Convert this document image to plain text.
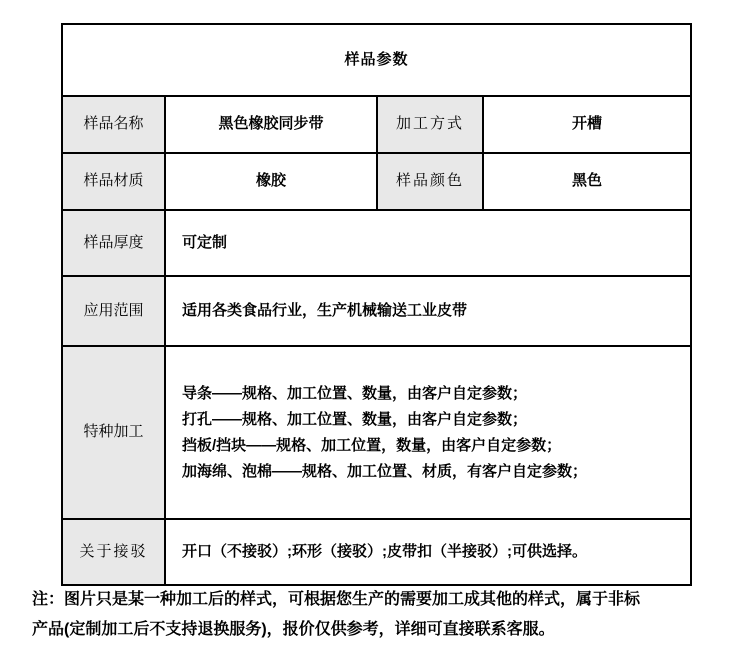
样品参数			
样品名称	黑色橡胶同步带	加工方式	开槽
样品材质	橡胶	样品颜色	黑色
样品厚度	可定制		
应用范围	适用各类食品行业，生产机械输送工业皮带		
特种加工	导条——规格、加工位置、数量，由客户自定参数；
打孔——规格、加工位置、数量，由客户自定参数；
挡板/挡块——规格、加工位置，数量，由客户自定参数；
加海绵、泡棉——规格、加工位置、材质，有客户自定参数；		

关于接驳	开口（不接驳）;环形（接驳）;皮带扣（半接驳）;可供选择。		
注：图片只是某一种加工后的样式，可根据您生产的需要加工成其他的样式，属于非标
产品(定制加工后不支持退换服务)，报价仅供参考，详细可直接联系客服。
